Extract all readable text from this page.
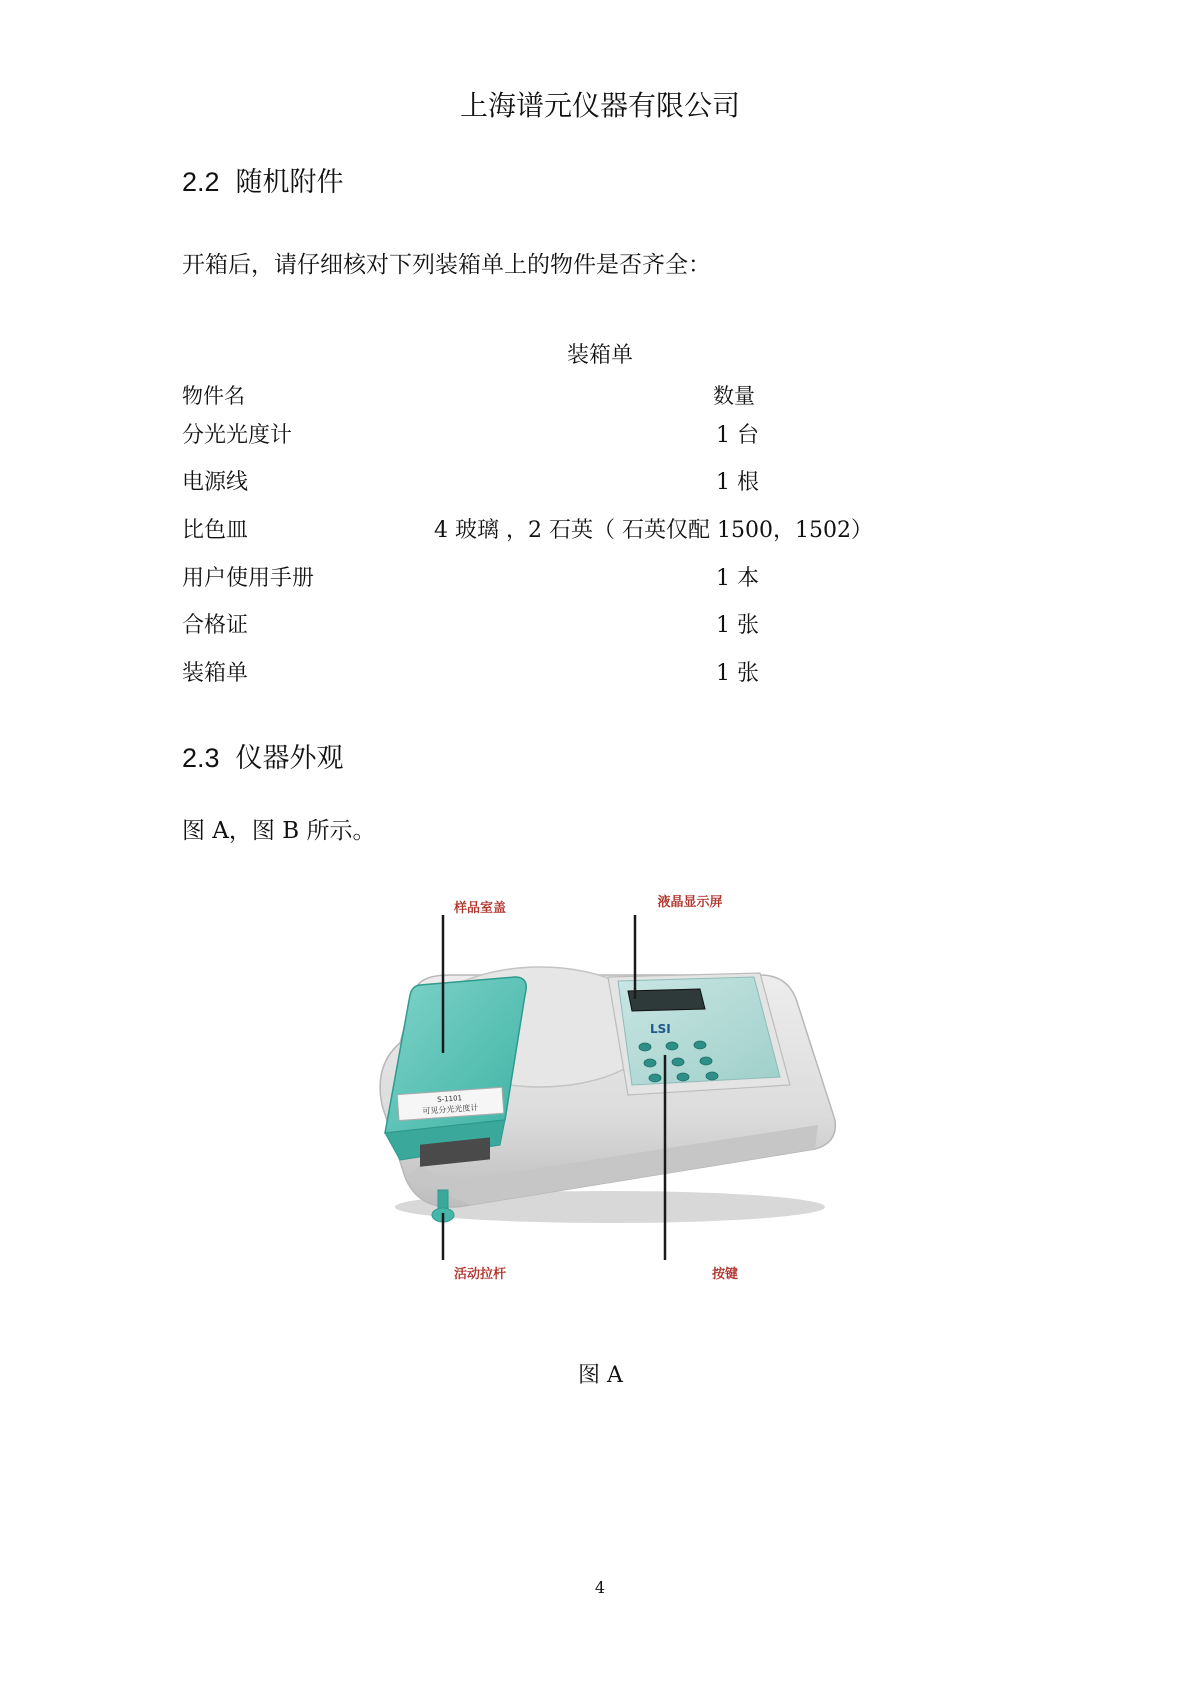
上海谱元仪器有限公司
2.2 随机附件
开箱后，请仔细核对下列装箱单上的物件是否齐全：
装箱单
物件名	数量
分光光度计	1 台
电源线	1 根
比色皿	4 玻璃 ，2 石英（ 石英仅配 1500，1502）
用户使用手册	1 本
合格证	1 张
装箱单	1 张
2.3 仪器外观
图 A，图 B 所示。
样品室盖	液晶显示屏
活动拉杆	按键
S-1101
可见分光光度计
LSI
图 A
4
